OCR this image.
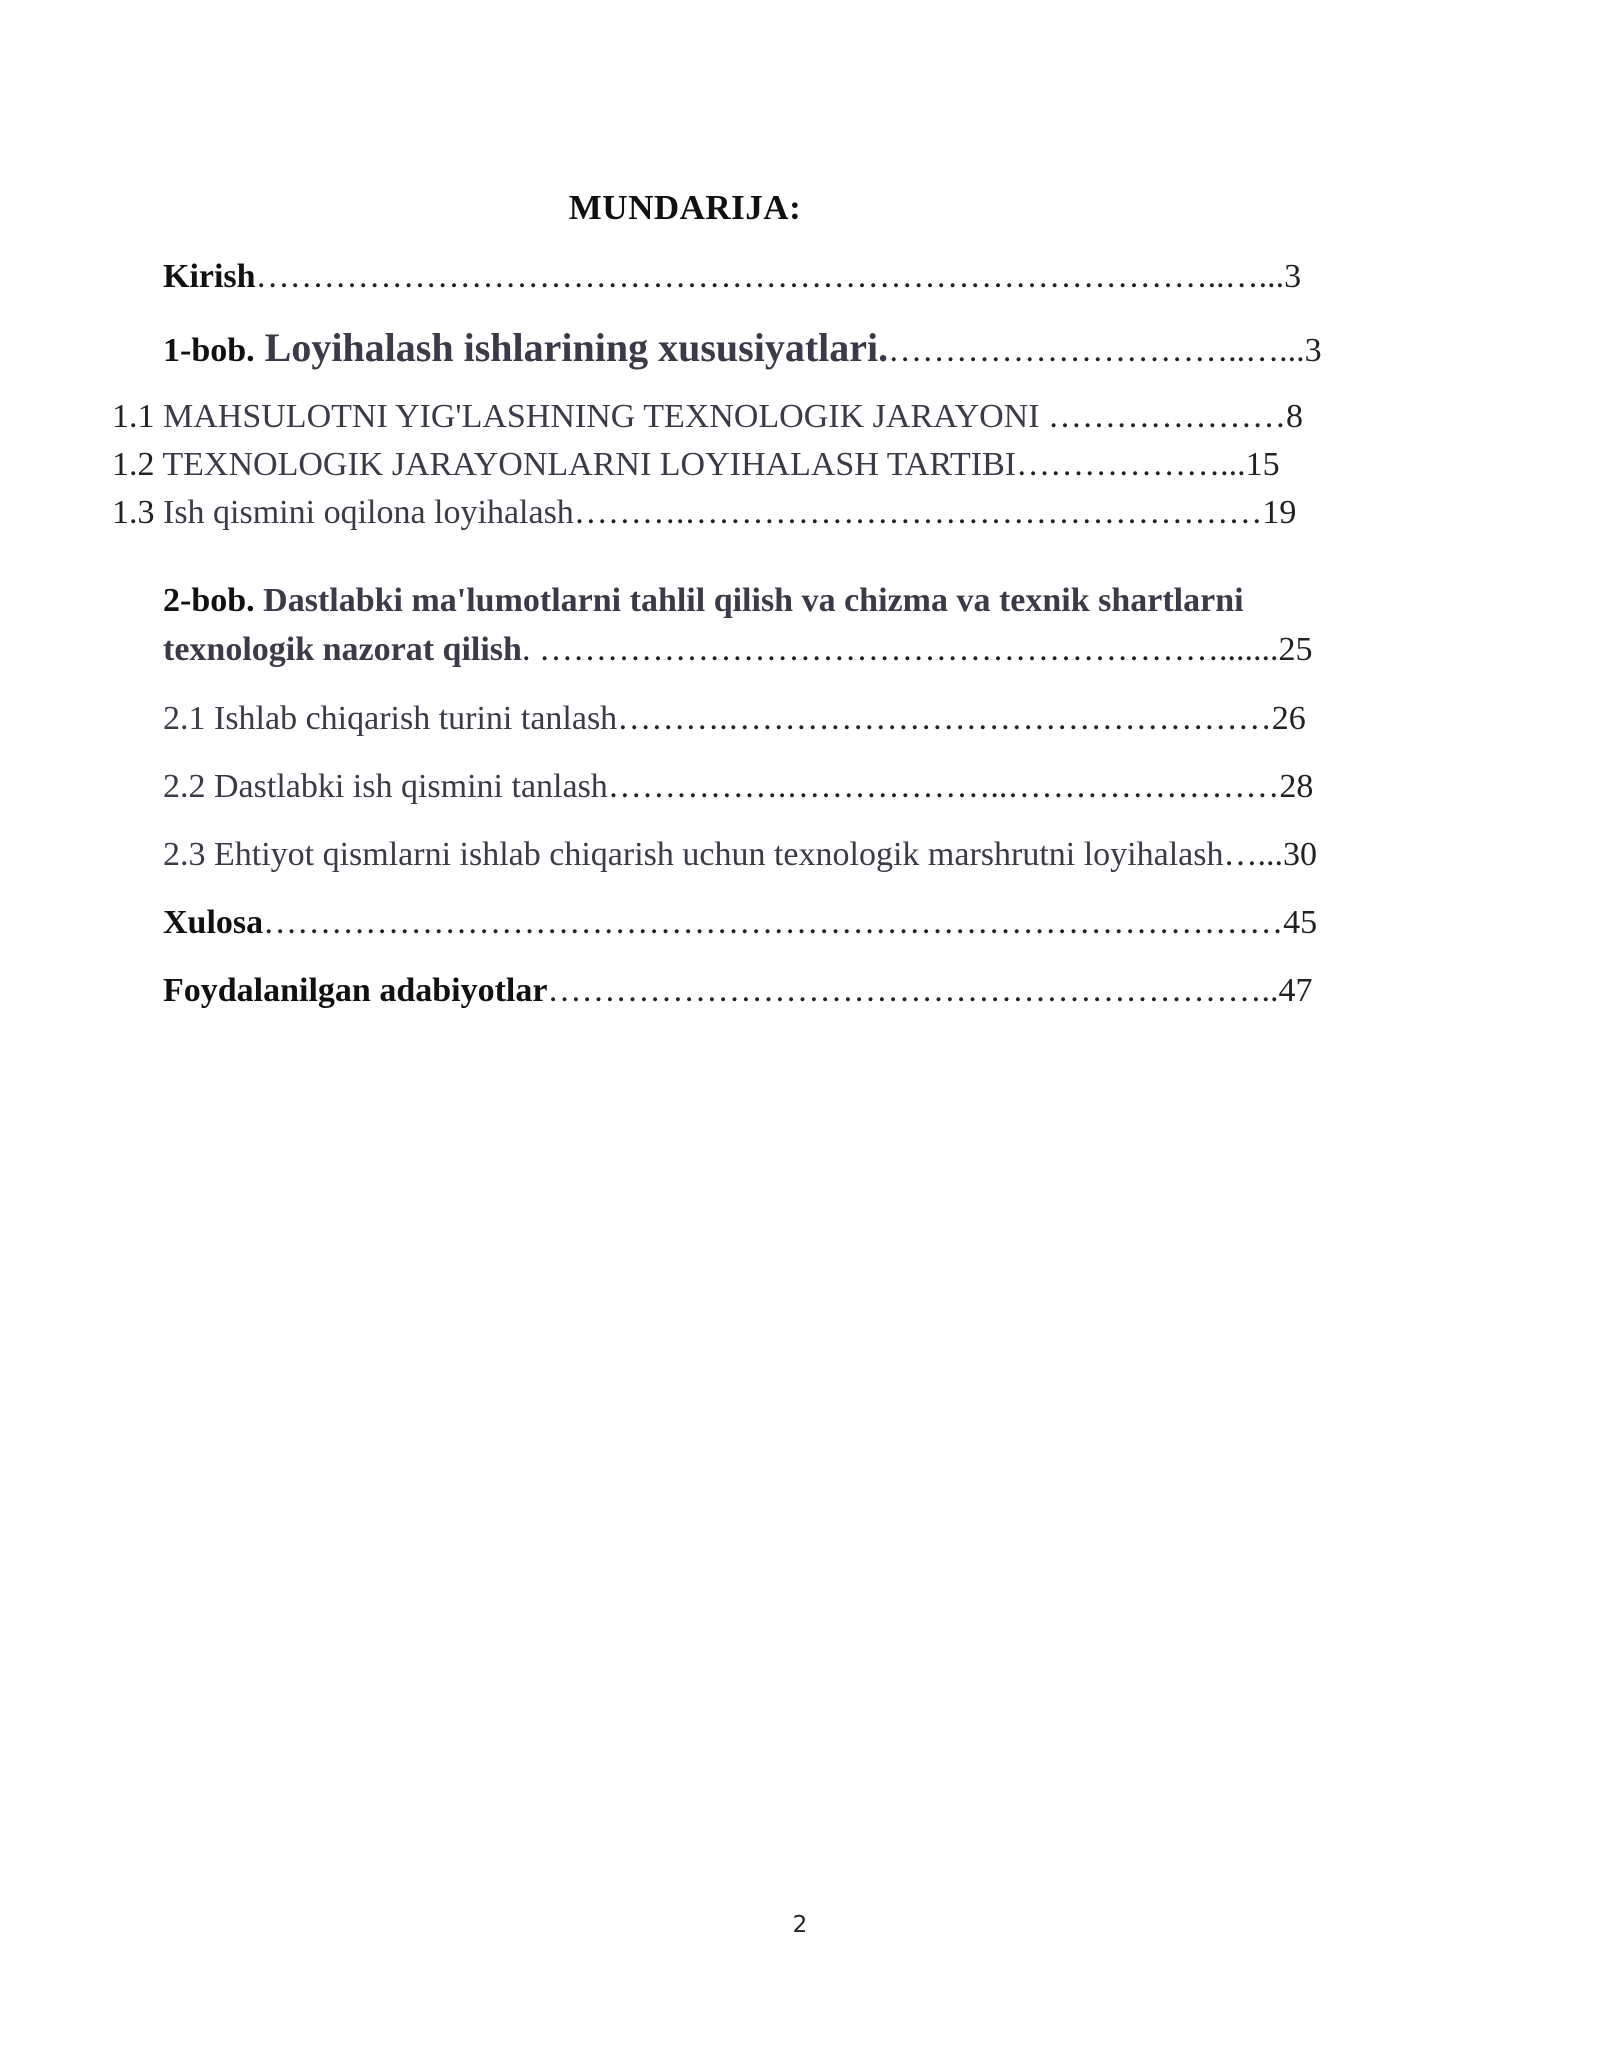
MUNDARIJA:
Kirish…………………………………………………………………………..…...3
1-bob. Loyihalash ishlarining xususiyatlari.…………………………..…...3
1.1 MAHSULOTNI YIG'LASHNING TEXNOLOGIK JARAYONI …………………8
1.2 TEXNOLOGIK JARAYONLARNI LOYIHALASH TARTIBI………………...15
1.3 Ish qismini oqilona loyihalash……….……………………………………………19
2-bob. Dastlabki ma'lumotlarni tahlil qilish va chizma va texnik shartlarni
texnologik nazorat qilish. …………………………………………………….......25
2.1 Ishlab chiqarish turini tanlash……….…………………………………………26
2.2 Dastlabki ish qismini tanlash…………….………………..……………………28
2.3 Ehtiyot qismlarni ishlab chiqarish uchun texnologik marshrutni loyihalash…...30
Xulosa………………………………………………………………………………45
Foydalanilgan adabiyotlar………………………………………………………..47
2
